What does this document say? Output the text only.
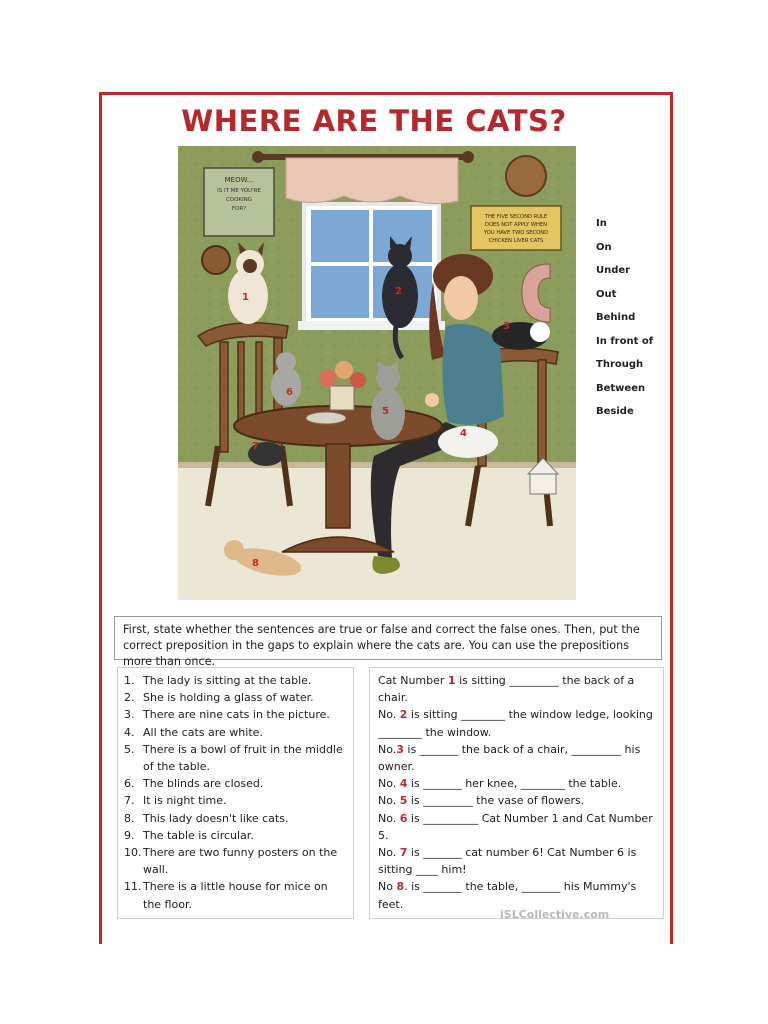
WHERE ARE THE CATS?
MEOW...
IS IT ME YOU'RE
COOKING
FOR?
THE FIVE SECOND RULE
DOES NOT APPLY WHEN
YOU HAVE TWO SECOND
CHICKEN LIVER CATS
1
2
3
4
5
6
7
8
In
On
Under
Out
Behind
In front of
Through
Between
Beside
First, state whether the sentences are true or false and correct the false ones. Then, put the correct preposition in the gaps to explain where the cats are. You can use the prepositions more than once.
1. The lady is sitting at the table.
2. She is holding a glass of water.
3. There are nine cats in the picture.
4. All the cats are white.
5. There is a bowl of fruit in the middle of the table.
6. The blinds are closed.
7. It is night time.
8. This lady doesn't like cats.
9. The table is circular.
10. There are two funny posters on the wall.
11. There is a little house for mice on the floor.

Cat Number 1 is sitting _________ the back of a chair.

No. 2 is sitting ________ the window ledge, looking ________ the window.

No.3 is _______ the back of a chair, _________ his owner.

No. 4 is _______ her knee, ________ the table.

No. 5 is _________ the vase of flowers.

No. 6 is __________ Cat Number 1 and Cat Number 5.

No. 7 is _______ cat number 6! Cat Number 6 is sitting ____ him!

No 8. is _______ the table, _______ his Mummy's feet.

iSLCollective.com
